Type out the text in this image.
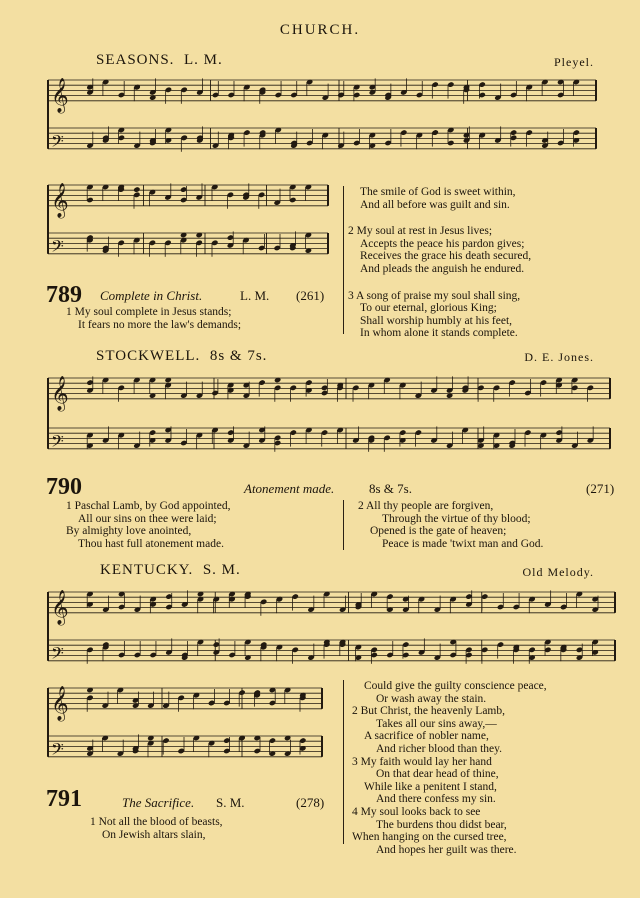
CHURCH.
SEASONS. L. M.	Pleyel.
𝄞
𝄢
𝄞
𝄢
789 Complete in Christ.	L. M. (261)
1 My soul complete in Jesus stands;
It fears no more the law's demands;
The smile of God is sweet within,
And all before was guilt and sin.
2 My soul at rest in Jesus lives;
Accepts the peace his pardon gives;
Receives the grace his death secured,
And pleads the anguish he endured.
3 A song of praise my soul shall sing,
To our eternal, glorious King;
Shall worship humbly at his feet,
In whom alone it stands complete.
STOCKWELL. 8s & 7s.	D. E. Jones.
𝄞
𝄢
790	Atonement made.	8s & 7s.	(271)
1 Paschal Lamb, by God appointed,
All our sins on thee were laid;
By almighty love anointed,
Thou hast full atonement made.
2 All thy people are forgiven,
Through the virtue of thy blood;
Opened is the gate of heaven;
Peace is made 'twixt man and God.
KENTUCKY. S. M.	Old Melody.
𝄞
𝄢
𝄞
𝄢
791	The Sacrifice. S. M.	(278)
1 Not all the blood of beasts,
On Jewish altars slain,
Could give the guilty conscience peace,
Or wash away the stain.
2 But Christ, the heavenly Lamb,
Takes all our sins away,—
A sacrifice of nobler name,
And richer blood than they.
3 My faith would lay her hand
On that dear head of thine,
While like a penitent I stand,
And there confess my sin.
4 My soul looks back to see
The burdens thou didst bear,
When hanging on the cursed tree,
And hopes her guilt was there.
